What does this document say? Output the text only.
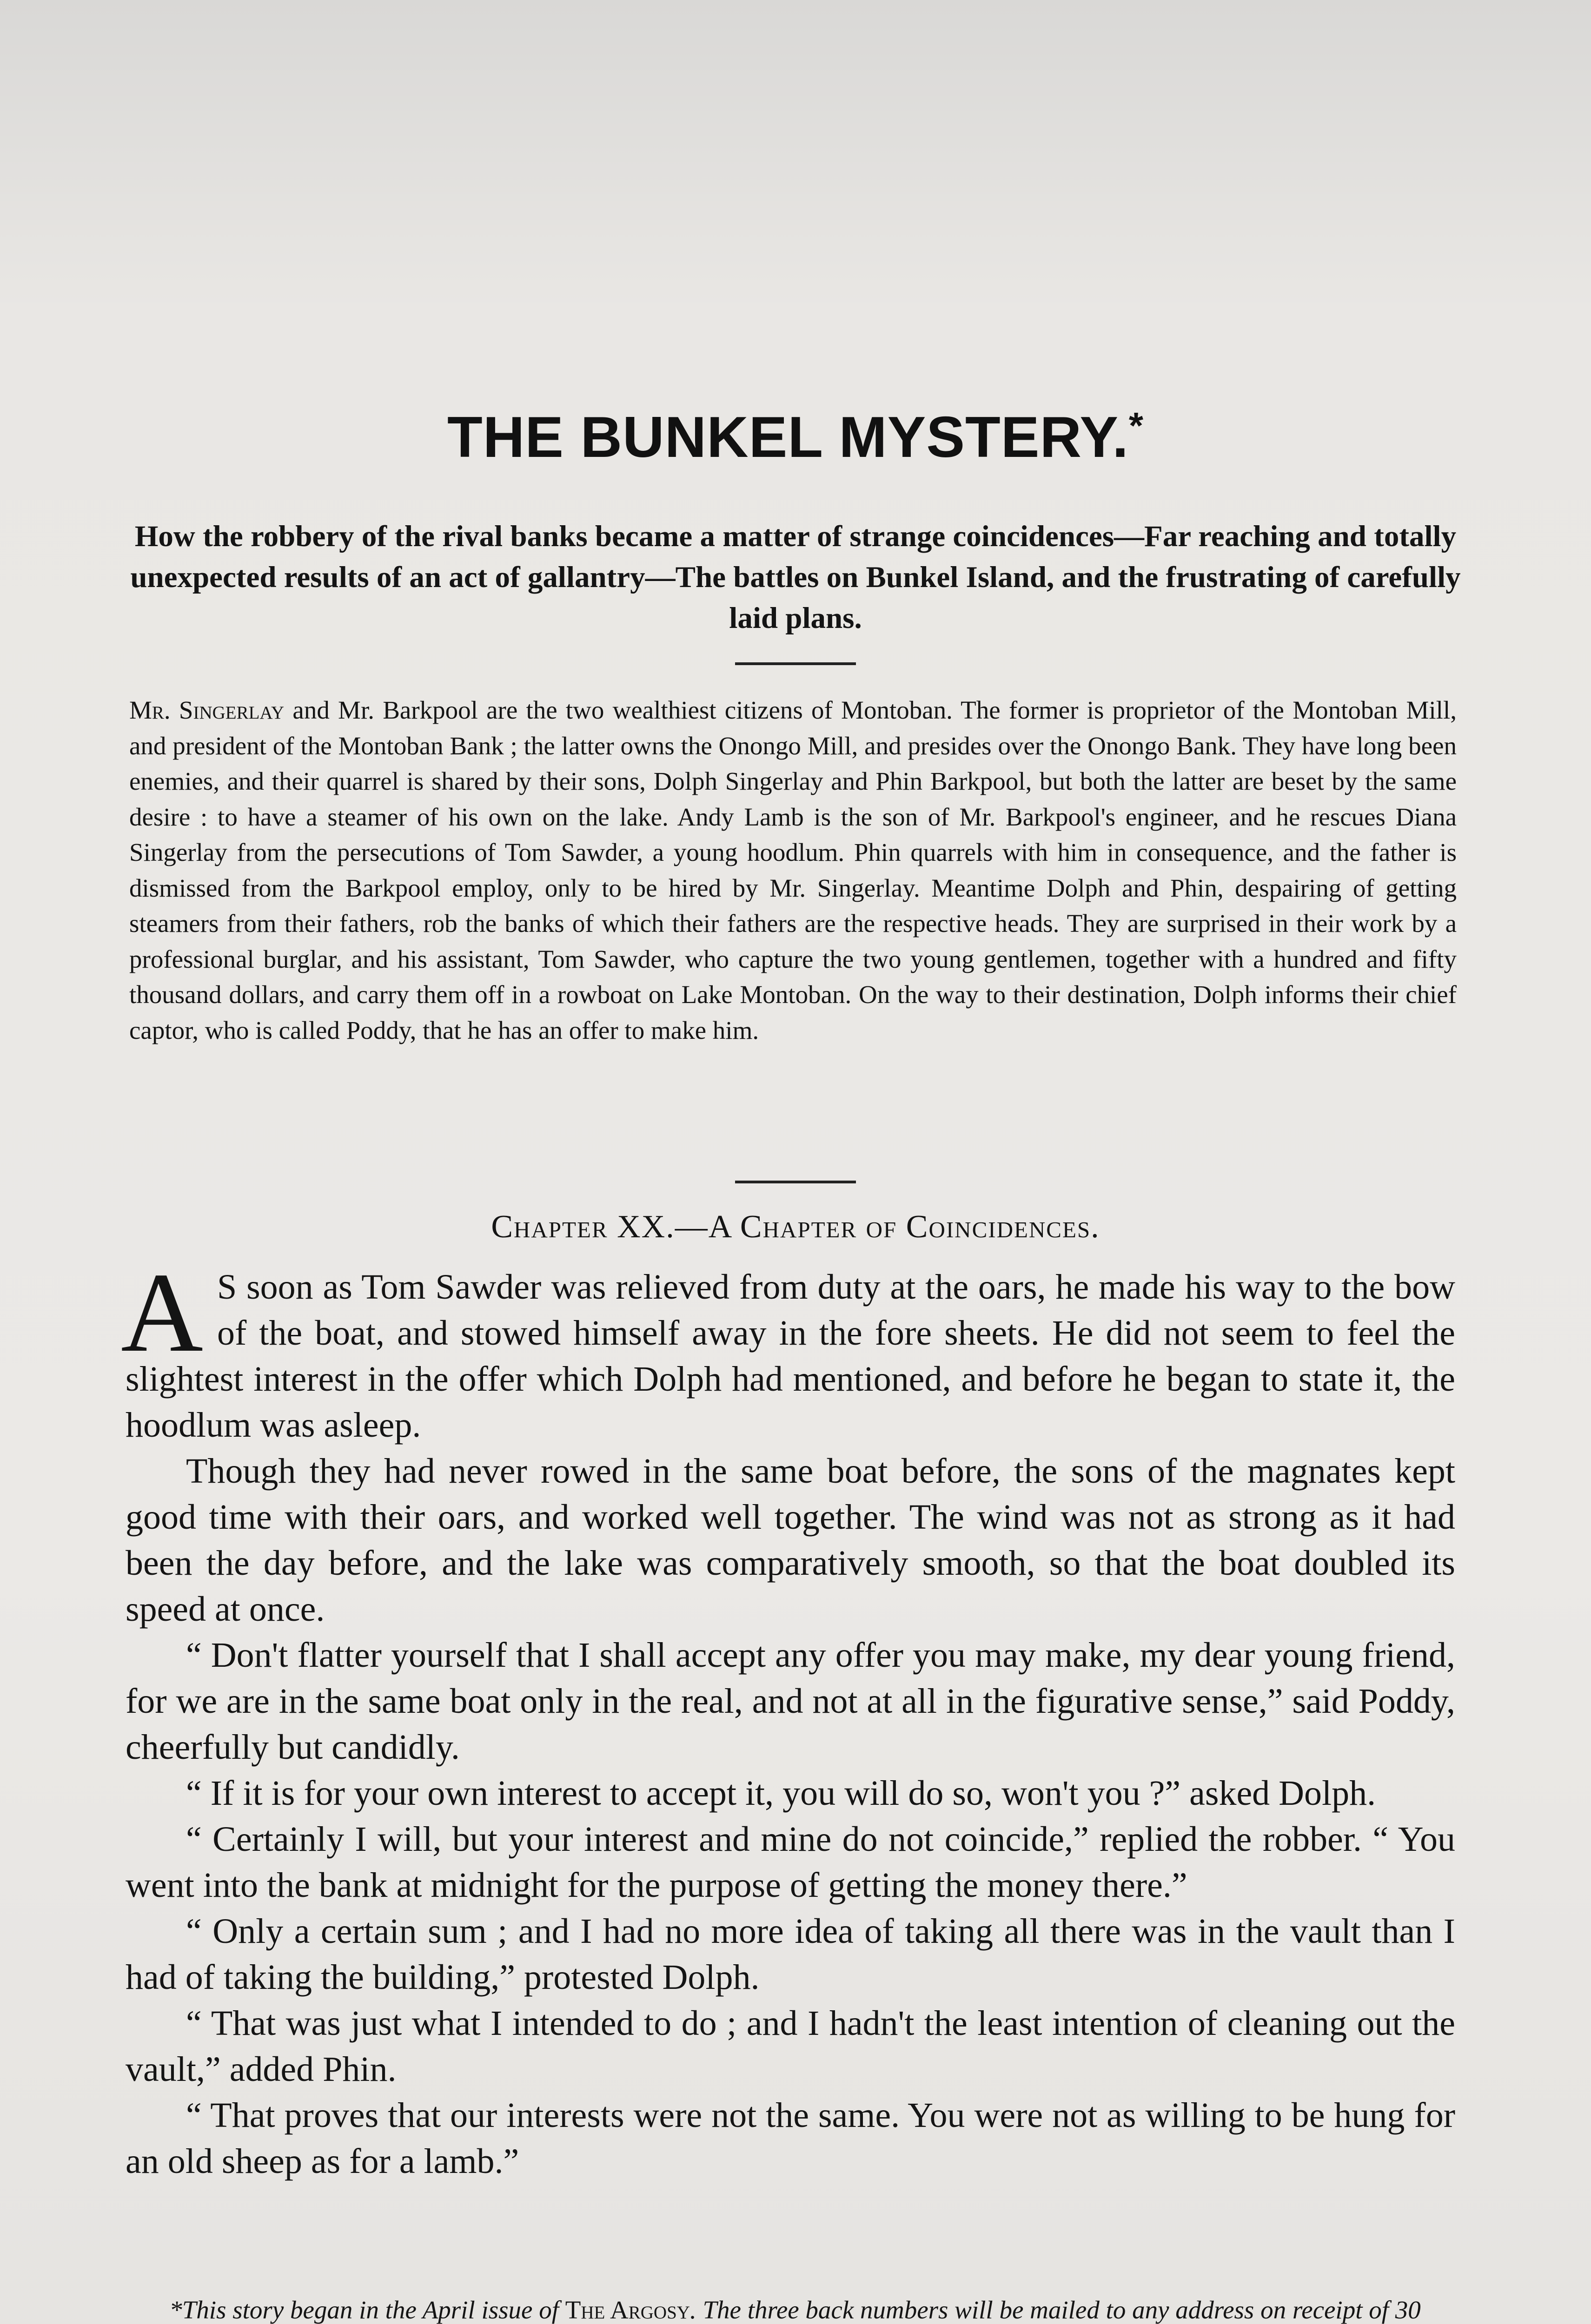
THE BUNKEL MYSTERY.*
How the robbery of the rival banks became a matter of strange coincidences—Far reaching and totally unexpected results of an act of gallantry—The battles on Bunkel Island, and the frustrating of carefully laid plans.

Mr. Singerlay and Mr. Barkpool are the two wealthiest citizens of Montoban. The former is proprietor of the Montoban Mill, and president of the Montoban Bank ; the latter owns the Onongo Mill, and presides over the Onongo Bank. They have long been enemies, and their quarrel is shared by their sons, Dolph Singerlay and Phin Barkpool, but both the latter are beset by the same desire : to have a steamer of his own on the lake. Andy Lamb is the son of Mr. Barkpool's engineer, and he rescues Diana Singerlay from the persecutions of Tom Sawder, a young hoodlum. Phin quarrels with him in consequence, and the father is dismissed from the Barkpool employ, only to be hired by Mr. Singerlay. Meantime Dolph and Phin, despairing of getting steamers from their fathers, rob the banks of which their fathers are the respective heads. They are surprised in their work by a professional burglar, and his assistant, Tom Sawder, who capture the two young gentlemen, together with a hundred and fifty thousand dollars, and carry them off in a rowboat on Lake Montoban. On the way to their destination, Dolph informs their chief captor, who is called Poddy, that he has an offer to make him.

Chapter XX.—A Chapter of Coincidences.

A S soon as Tom Sawder was relieved from duty at the oars, he made his way to the bow of the boat, and stowed himself away in the fore sheets. He did not seem to feel the slightest interest in the offer which Dolph had mentioned, and before he began to state it, the hoodlum was asleep.

Though they had never rowed in the same boat before, the sons of the magnates kept good time with their oars, and worked well together. The wind was not as strong as it had been the day before, and the lake was comparatively smooth, so that the boat doubled its speed at once.

“ Don't flatter yourself that I shall accept any offer you may make, my dear young friend, for we are in the same boat only in the real, and not at all in the figurative sense,” said Poddy, cheerfully but candidly.

“ If it is for your own interest to accept it, you will do so, won't you ?” asked Dolph.

“ Certainly I will, but your interest and mine do not coincide,” replied the robber. “ You went into the bank at midnight for the purpose of getting the money there.”

“ Only a certain sum ; and I had no more idea of taking all there was in the vault than I had of taking the building,” protested Dolph.

“ That was just what I intended to do ; and I hadn't the least intention of cleaning out the vault,” added Phin.

“ That proves that our interests were not the same. You were not as willing to be hung for an old sheep as for a lamb.”

*This story began in the April issue of The Argosy. The three back numbers will be mailed to any address on receipt of 30
